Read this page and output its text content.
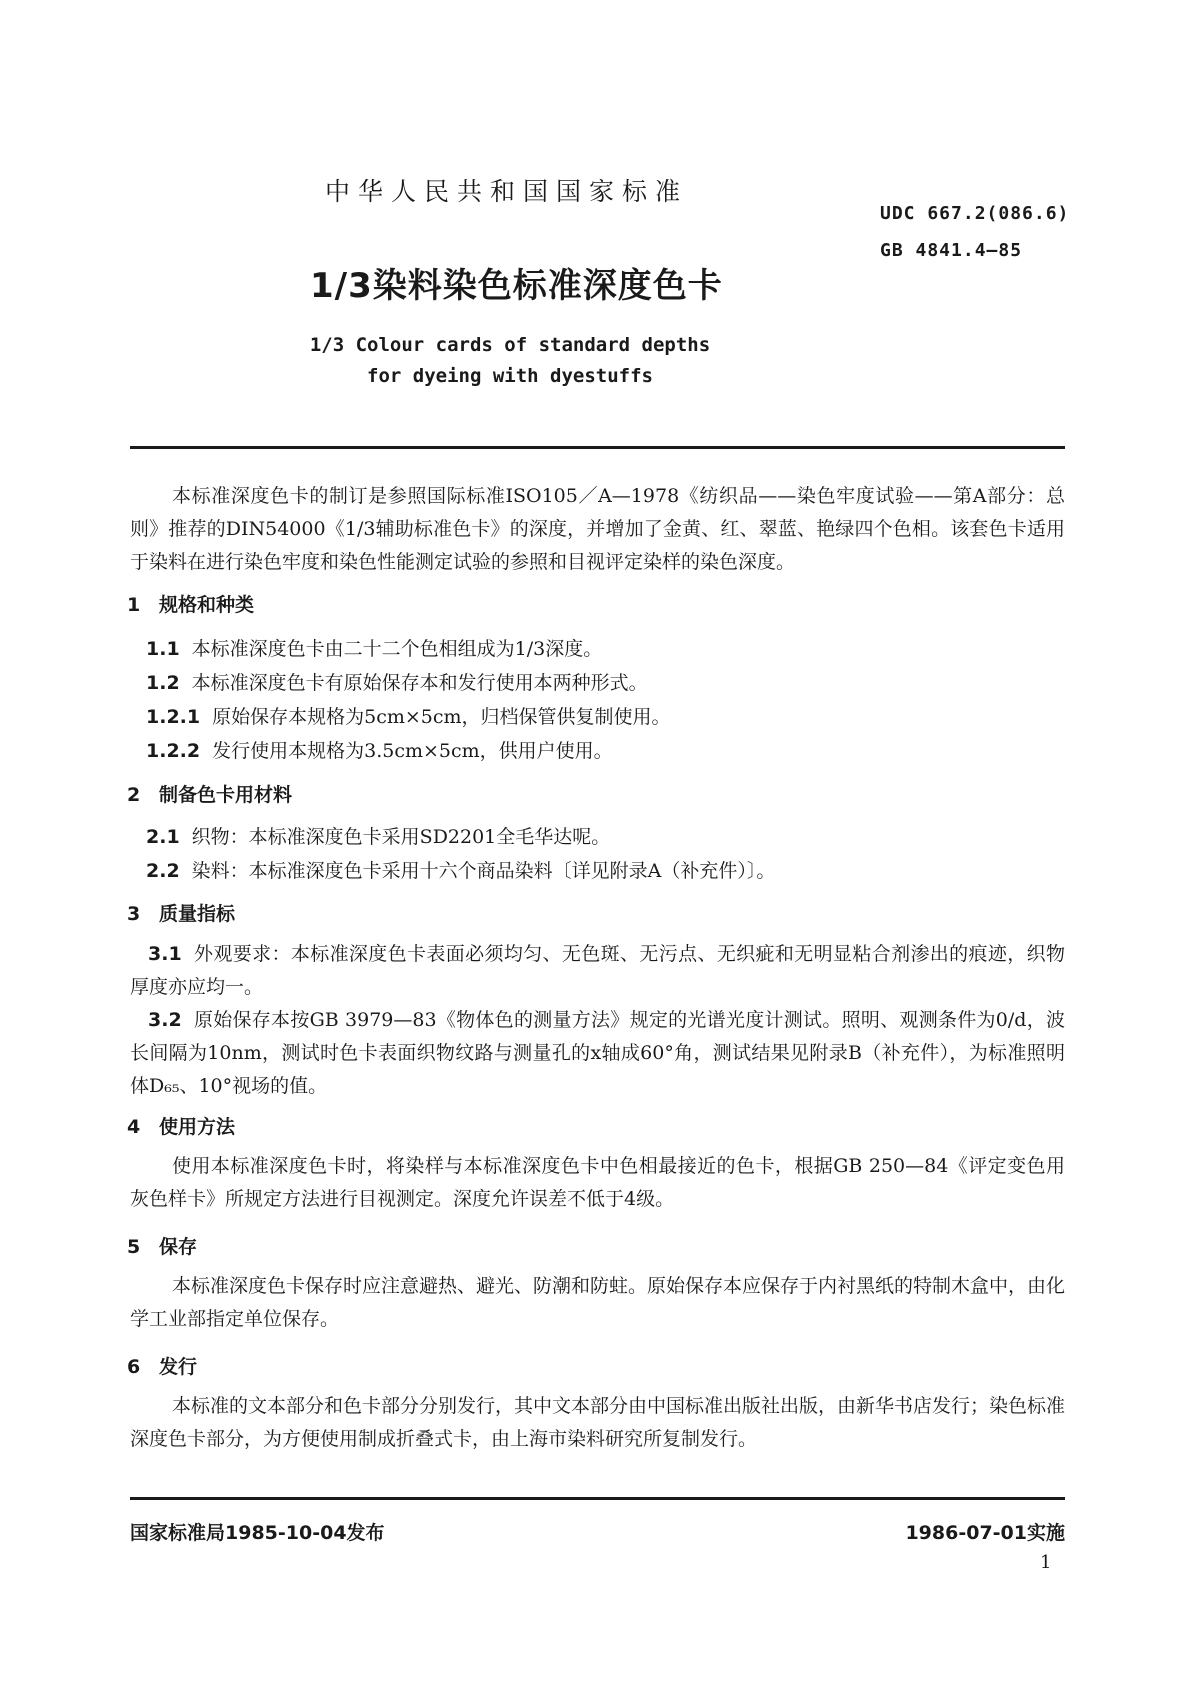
中华人民共和国国家标准
UDC 667.2(086.6)
1/3染料染色标准深度色卡
GB 4841.4—85
1/3 Colour cards of standard depths
for dyeing with dyestuffs
本标准深度色卡的制订是参照国际标准ISO105／A—1978《纺织品——染色牢度试验——第A部分：总则》推荐的DIN54000《1/3辅助标准色卡》的深度，并增加了金黄、红、翠蓝、艳绿四个色相。该套色卡适用于染料在进行染色牢度和染色性能测定试验的参照和目视评定染样的染色深度。
1 规格和种类
1.1 本标准深度色卡由二十二个色相组成为1/3深度。
1.2 本标准深度色卡有原始保存本和发行使用本两种形式。
1.2.1 原始保存本规格为5cm×5cm，归档保管供复制使用。
1.2.2 发行使用本规格为3.5cm×5cm，供用户使用。
2 制备色卡用材料
2.1 织物：本标准深度色卡采用SD2201全毛华达呢。
2.2 染料：本标准深度色卡采用十六个商品染料〔详见附录A（补充件）〕。
3 质量指标
3.1 外观要求：本标准深度色卡表面必须均匀、无色斑、无污点、无织疵和无明显粘合剂渗出的痕迹，织物厚度亦应均一。
3.2 原始保存本按GB 3979—83《物体色的测量方法》规定的光谱光度计测试。照明、观测条件为0/d，波长间隔为10nm，测试时色卡表面织物纹路与测量孔的x轴成60°角，测试结果见附录B（补充件），为标准照明体D₆₅、10°视场的值。
4 使用方法
使用本标准深度色卡时，将染样与本标准深度色卡中色相最接近的色卡，根据GB 250—84《评定变色用灰色样卡》所规定方法进行目视测定。深度允许误差不低于4级。
5 保存
本标准深度色卡保存时应注意避热、避光、防潮和防蛀。原始保存本应保存于内衬黑纸的特制木盒中，由化学工业部指定单位保存。
6 发行
本标准的文本部分和色卡部分分别发行，其中文本部分由中国标准出版社出版，由新华书店发行；染色标准深度色卡部分，为方便使用制成折叠式卡，由上海市染料研究所复制发行。
国家标准局1985-10-04发布	1986-07-01实施
1
